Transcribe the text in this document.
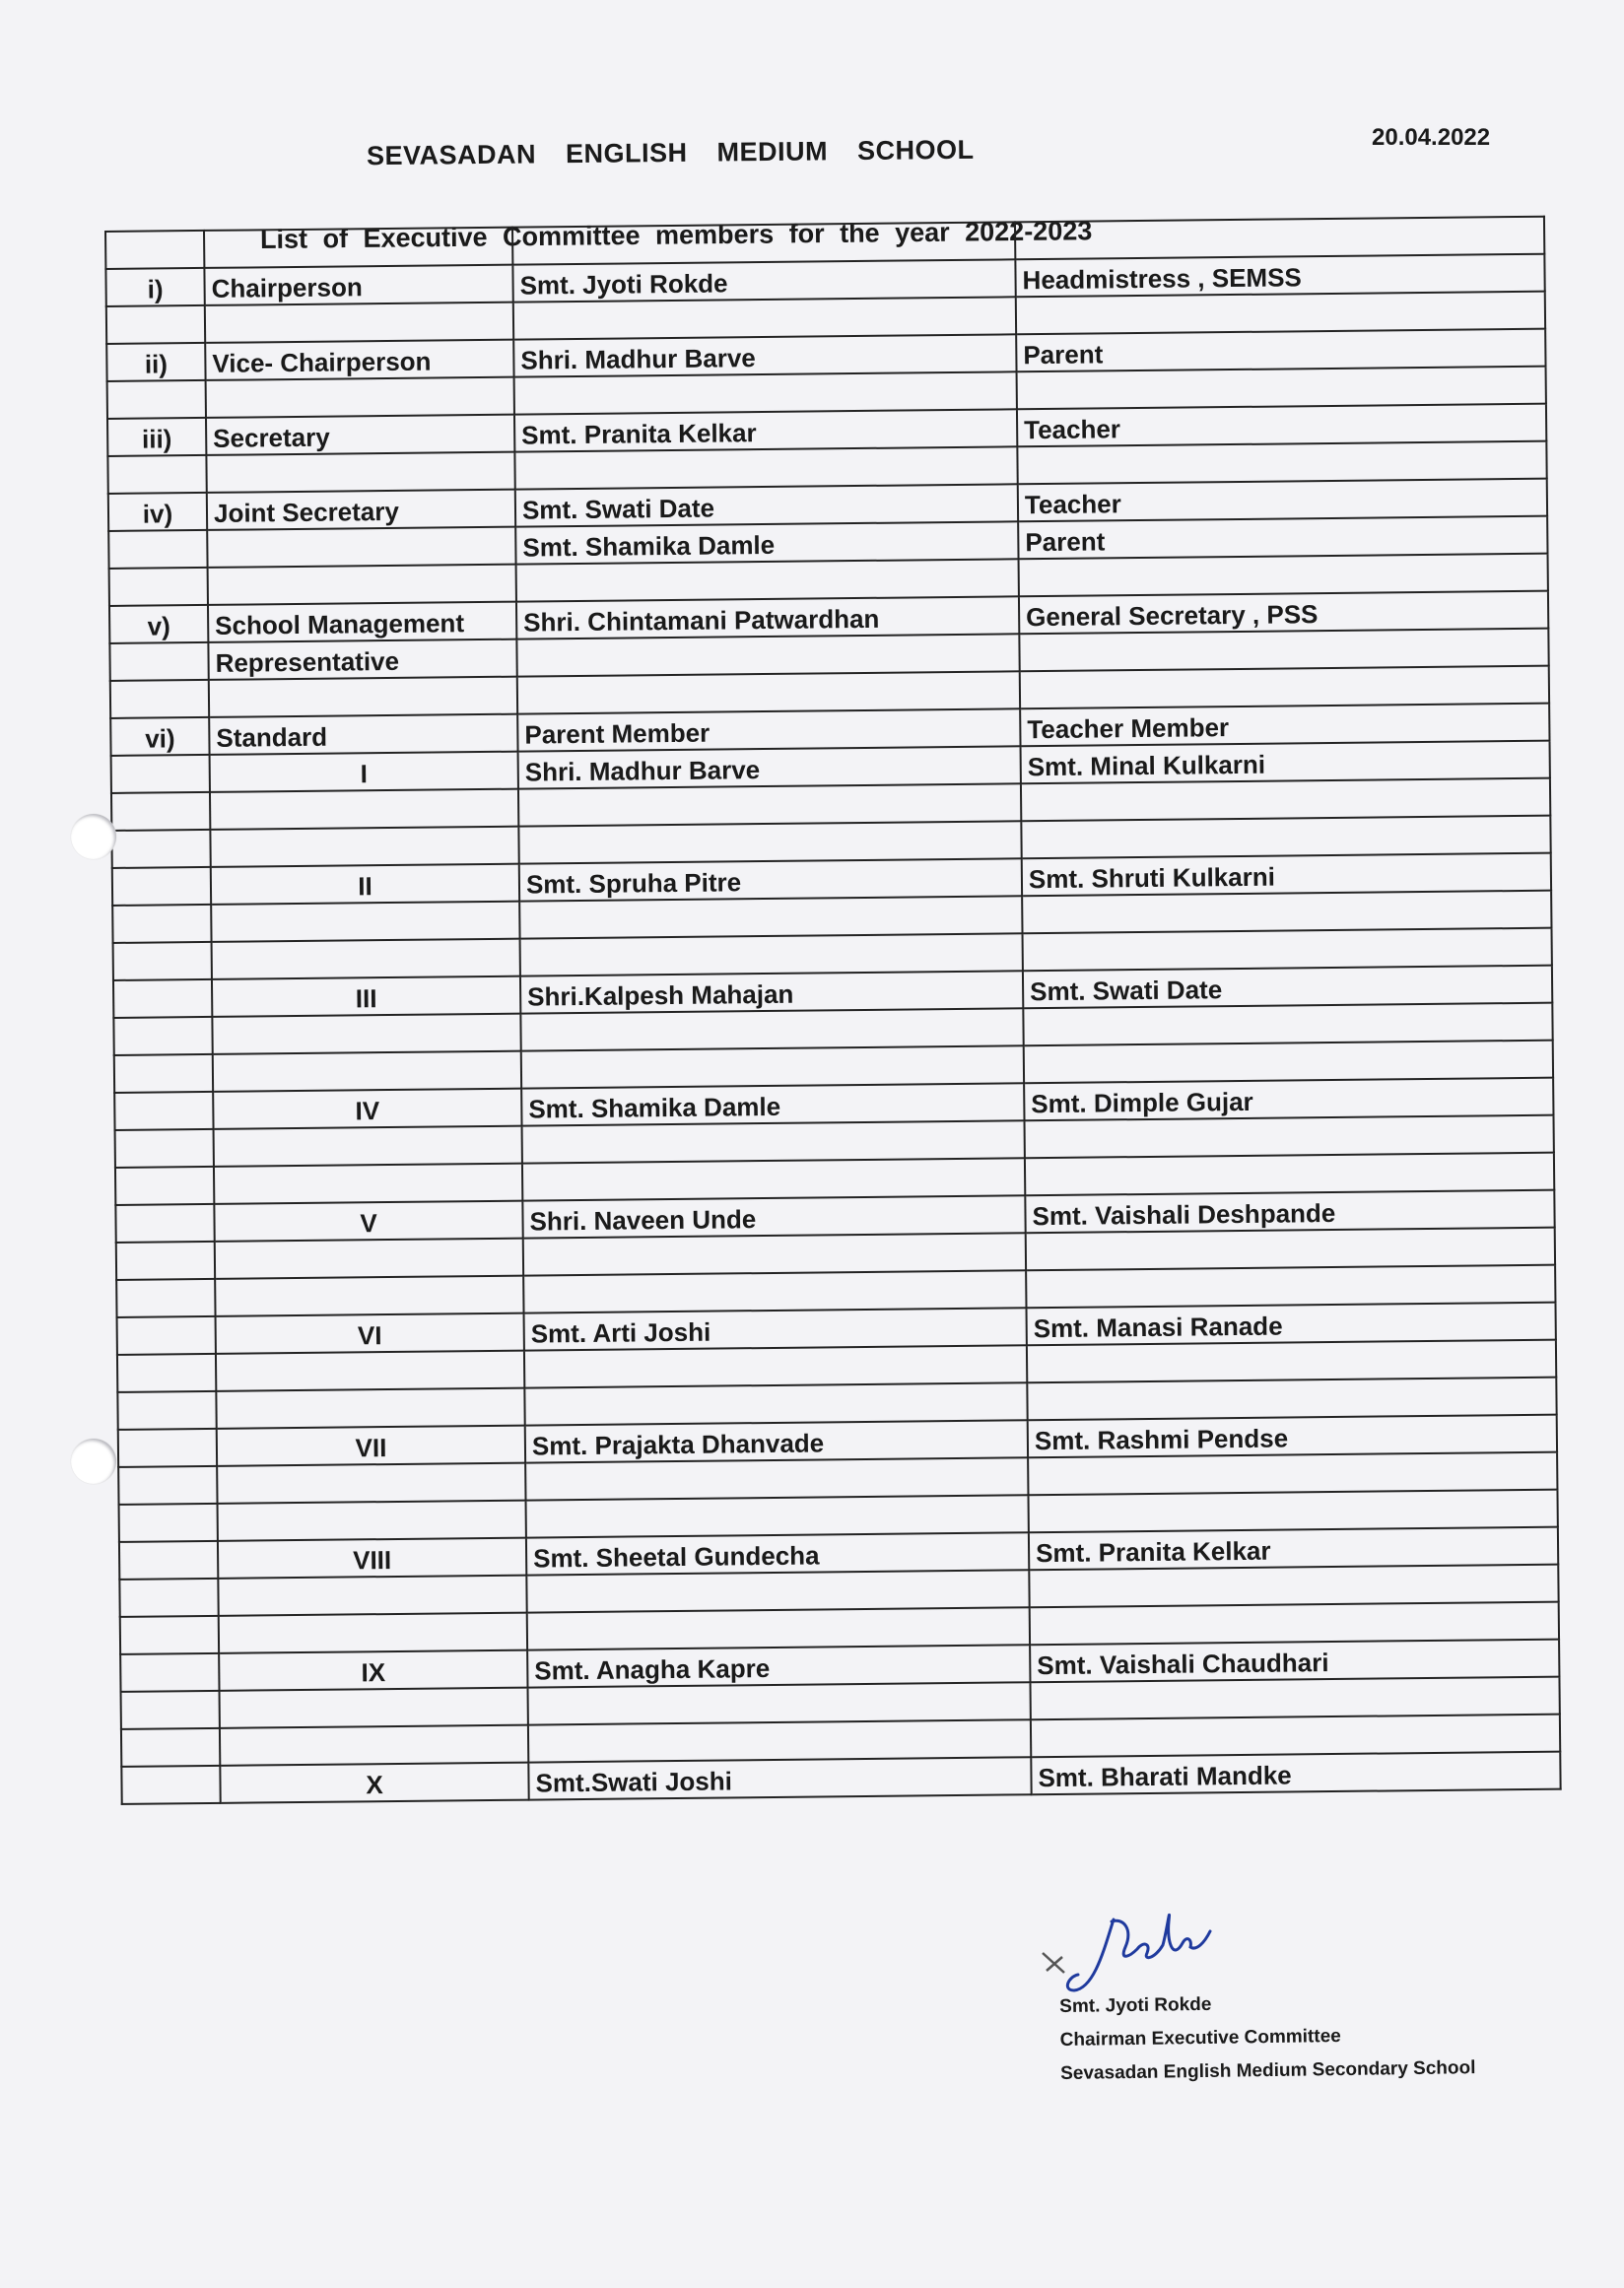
SEVASADAN ENGLISH MEDIUM SCHOOL	20.04.2022
List of Executive Committee members for the year 2022-2023

i)	Chairperson	Smt. Jyoti Rokde	Headmistress , SEMSS

ii)	Vice- Chairperson	Shri. Madhur Barve	Parent

iii)	Secretary	Smt. Pranita Kelkar	Teacher

iv)	Joint Secretary	Smt. Swati Date	Teacher
		Smt. Shamika Damle	Parent

v)	School Management	Shri. Chintamani Patwardhan	General Secretary , PSS
	Representative		

vi)	Standard	Parent Member	Teacher Member
	I	Shri. Madhur Barve	Smt. Minal Kulkarni

	II	Smt. Spruha Pitre	Smt. Shruti Kulkarni

	III	Shri.Kalpesh Mahajan	Smt. Swati Date

	IV	Smt. Shamika Damle	Smt. Dimple Gujar

	V	Shri. Naveen Unde	Smt. Vaishali Deshpande

	VI	Smt. Arti Joshi	Smt. Manasi Ranade

	VII	Smt. Prajakta Dhanvade	Smt. Rashmi Pendse

	VIII	Smt. Sheetal Gundecha	Smt. Pranita Kelkar

	IX	Smt. Anagha Kapre	Smt. Vaishali Chaudhari

	X	Smt.Swati Joshi	Smt. Bharati Mandke
Smt. Jyoti Rokde
Chairman Executive Committee
Sevasadan English Medium Secondary School
